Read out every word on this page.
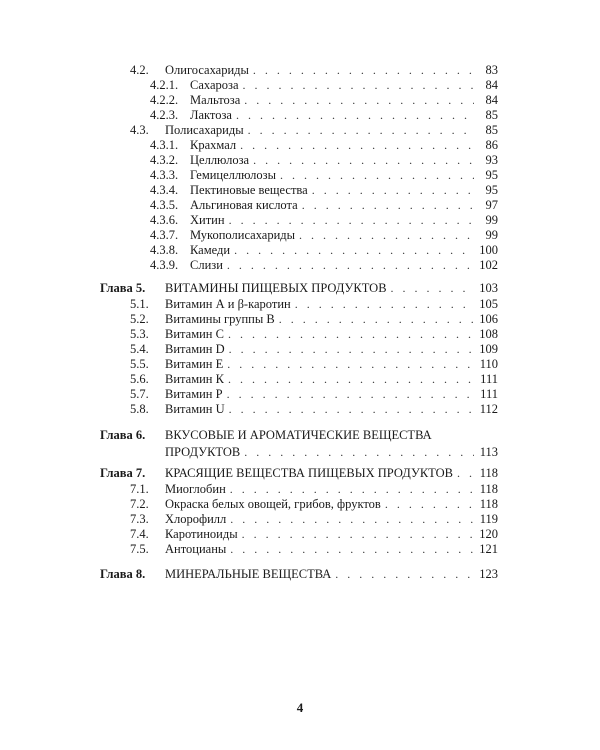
4.2. Олигосахариды . . .	83
4.2.1. Сахароза . . .	84
4.2.2. Мальтоза . . .	84
4.2.3. Лактоза . . .	85
4.3. Полисахариды . . .	85
4.3.1. Крахмал . . .	86
4.3.2. Целлюлоза . . .	93
4.3.3. Гемицеллюлозы . . .	95
4.3.4. Пектиновые вещества . . .	95
4.3.5. Альгиновая кислота . . .	97
4.3.6. Хитин . . .	99
4.3.7. Мукополисахариды . . .	99
4.3.8. Камеди . . .	100
4.3.9. Слизи . . .	102
Глава 5. ВИТАМИНЫ ПИЩЕВЫХ ПРОДУКТОВ . . .	103
5.1. Витамин А и β-каротин . . .	105
5.2. Витамины группы В . . .	106
5.3. Витамин С . . .	108
5.4. Витамин D . . .	109
5.5. Витамин Е . . .	110
5.6. Витамин К . . .	111
5.7. Витамин Р . . .	111
5.8. Витамин U . . .	112
Глава 6. ВКУСОВЫЕ И АРОМАТИЧЕСКИЕ ВЕЩЕСТВА
ПРОДУКТОВ . . .	113
Глава 7. КРАСЯЩИЕ ВЕЩЕСТВА ПИЩЕВЫХ ПРОДУКТОВ . . .	118
7.1. Миоглобин . . .	118
7.2. Окраска белых овощей, грибов, фруктов . . .	118
7.3. Хлорофилл . . .	119
7.4. Каротиноиды . . .	120
7.5. Антоцианы . . .	121
Глава 8. МИНЕРАЛЬНЫЕ ВЕЩЕСТВА . . .	123
4
